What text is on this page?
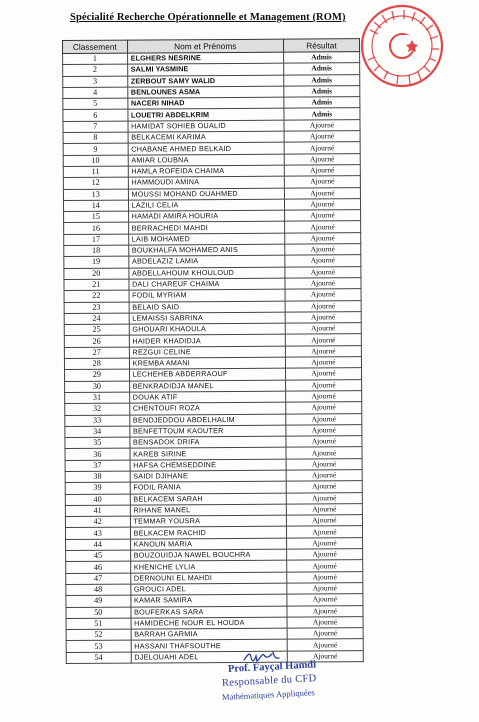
Spécialité Recherche Opérationnelle et Management (ROM)
Classement	Nom et Prénoms	Résultat
1	ELGHERS NESRINE	Admis
2	SALMI YASMINE	Admis
3	ZERBOUT SAMY WALID	Admis
4	BENLOUNES ASMA	Admis
5	NACERI NIHAD	Admis
6	LOUETRI ABDELKRIM	Admis
7	HAMIDAT SOHIEB OUALID	Ajourné
8	BELKACEMI KARIMA	Ajourné
9	CHABANE AHMED BELKAID	Ajourné
10	AMIAR LOUBNA	Ajourné
11	HAMLA ROFEIDA CHAIMA	Ajourné
12	HAMMOUDI AMINA	Ajourné
13	MOUSSI MOHAND OUAHMED	Ajourné
14	LAZILI CELIA	Ajourné
15	HAMADI AMIRA HOURIA	Ajourné
16	BERRACHEDI MAHDI	Ajourné
17	LAIB MOHAMED	Ajourné
18	BOUKHALFA MOHAMED ANIS	Ajourné
19	ABDELAZIZ LAMIA	Ajourné
20	ABDELLAHOUM KHOULOUD	Ajourné
21	DALI CHAREUF CHAIMA	Ajourné
22	FODIL MYRIAM	Ajourné
23	BELAID SAID	Ajourné
24	LEMAISSI SABRINA	Ajourné
25	GHOUARI KHAOULA	Ajourné
26	HAIDER KHADIDJA	Ajourné
27	REZGUI CELINE	Ajourné
28	KREMBA AMANI	Ajourné
29	LECHEHEB ABDERRAOUF	Ajourné
30	BENKRADIDJA MANEL	Ajourné
31	DOUAK ATIF	Ajourné
32	CHENTOUFI ROZA	Ajourné
33	BENDJEDDOU ABDELHALIM	Ajourné
34	BENFETTOUM KAOUTER	Ajourné
35	BENSADOK DRIFA	Ajourné
36	KAREB SIRINE	Ajourné
37	HAFSA CHEMSEDDINE	Ajourné
38	SAIDI DJIHANE	Ajourné
39	FODIL RANIA	Ajourné
40	BELKACEM SARAH	Ajourné
41	RIHANE MANEL	Ajourné
42	TEMMAR YOUSRA	Ajourné
43	BELKACEM RACHID	Ajourné
44	KANOUN MARIA	Ajourné
45	BOUZOUIDJA NAWEL BOUCHRA	Ajourné
46	KHENICHE LYLIA	Ajourné
47	DERNOUNI EL MAHDI	Ajourné
48	GROUCI ADEL	Ajourné
49	KAMAR SAMIRA	Ajourné
50	BOUFERKAS SARA	Ajourné
51	HAMIDECHE NOUR EL HOUDA	Ajourné
52	BARRAH GARMIA	Ajourné
53	HASSANI THAFSOUTHE	Ajourné
54	DJELOUAHI ADEL	Ajourné
Prof. Fayçal Hamdi
Responsable du CFD
Mathématiques Appliquées
